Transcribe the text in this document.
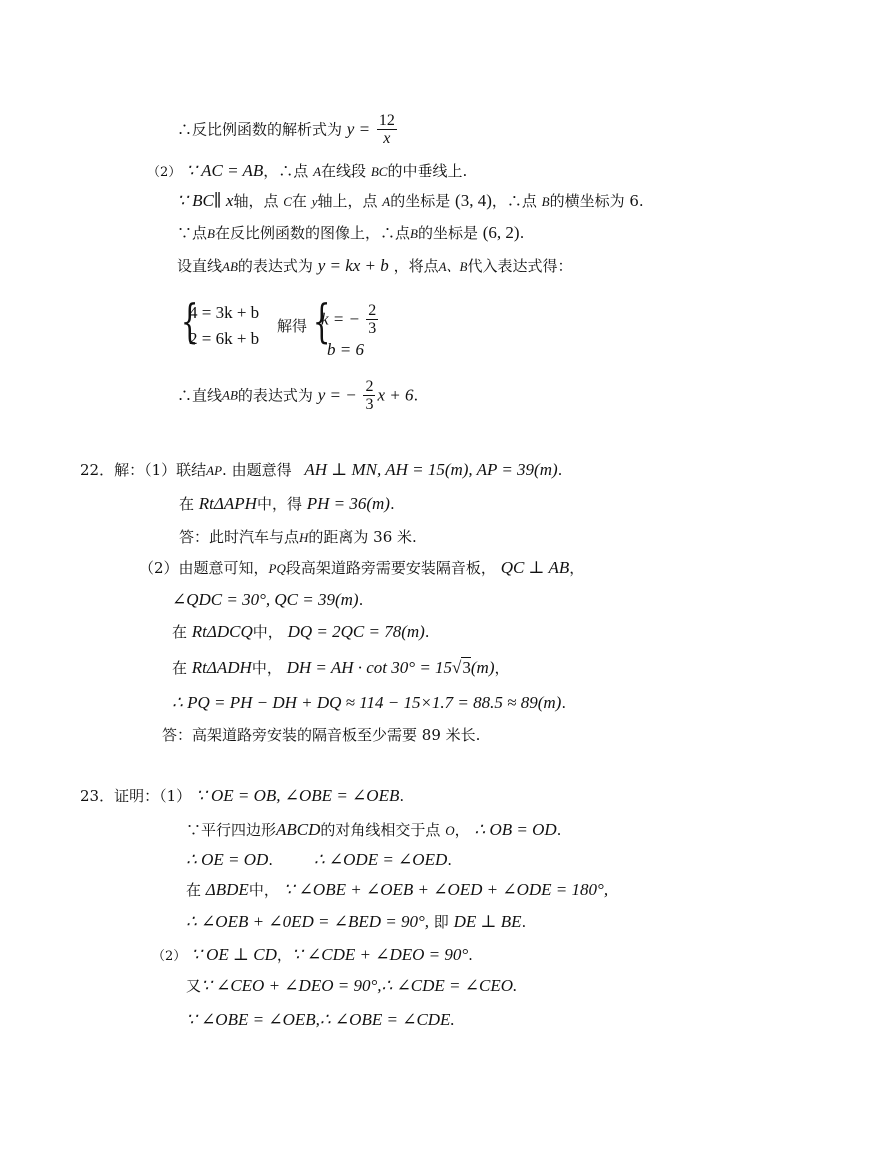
∴反比例函数的解析式为 $y = \frac{12}{x}$
（2） ∵ AC = AB，∴点 A在线段 BC的中垂线上.
∵ BC∥ x轴，点 C在 y轴上，点 A的坐标是 (3, 4)，∴点 B的横坐标为 6.
∵点B在反比例函数的图像上，∴点B的坐标是 (6, 2).
设直线AB的表达式为 y = kx + b ，将点A、B代入表达式得：
{
4 = 3k + b
2 = 6k + b
解得 {
k = − $\frac{2}{3}$
b = 6
∴直线AB的表达式为 y = − $\frac{2}{3}$ x + 6.
22．解：（1）联结AP. 由题意得 AH ⊥ MN, AH = 15(m), AP = 39(m).
在 RtΔAPH中，得 PH = 36(m).
答：此时汽车与点H的距离为 36 米.
（2）由题意可知，PQ段高架道路旁需要安装隔音板， QC ⊥ AB，
∠QDC = 30°, QC = 39(m).
在 RtΔDCQ中， DQ = 2QC = 78(m).
在 RtΔADH中， DH = AH · cot 30° = 15√3(m)，
∴ PQ = PH − DH + DQ ≈ 114 − 15×1.7 = 88.5 ≈ 89(m).
答：高架道路旁安装的隔音板至少需要 89 米长.
23．证明：（1） ∵ OE = OB, ∠OBE = ∠OEB.
∵平行四边形ABCD的对角线相交于点 O， ∴ OB = OD.
∴ OE = OD. ∴ ∠ODE = ∠OED.
在 ΔBDE中， ∵ ∠OBE + ∠OEB + ∠OED + ∠ODE = 180°,
∴ ∠OEB + ∠0ED = ∠BED = 90°, 即 DE ⊥ BE.
（2） ∵ OE ⊥ CD，∵ ∠CDE + ∠DEO = 90°.
又∵ ∠CEO + ∠DEO = 90°,∴ ∠CDE = ∠CEO.
∵ ∠OBE = ∠OEB,∴ ∠OBE = ∠CDE.
